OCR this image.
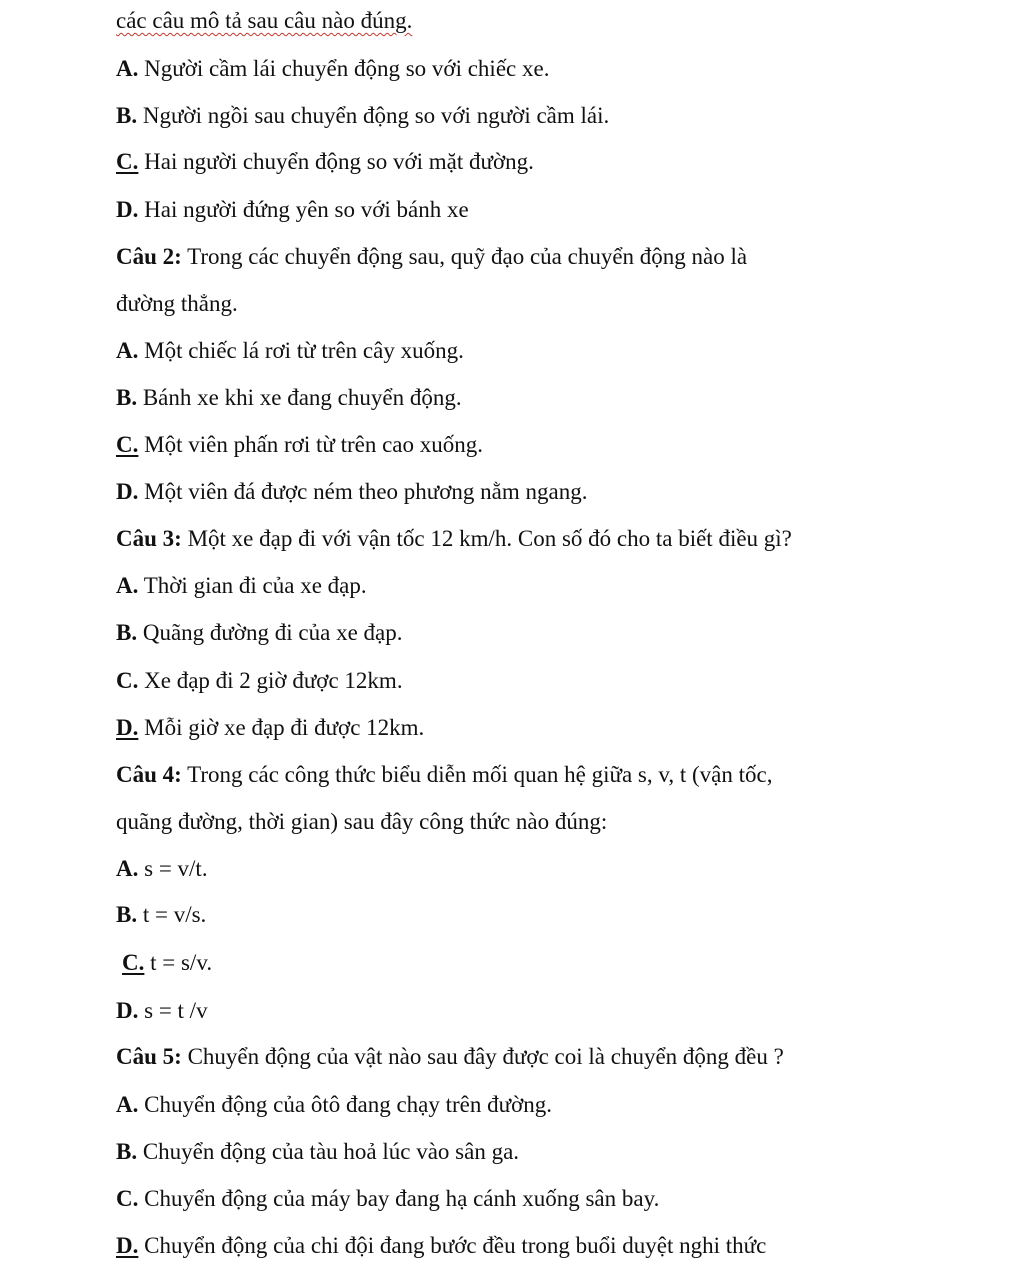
các câu mô tả sau câu nào đúng.
A. Người cầm lái chuyển động so với chiếc xe.
B. Người ngồi sau chuyển động so với người cầm lái.
C. Hai người chuyển động so với mặt đường.
D. Hai người đứng yên so với bánh xe
Câu 2: Trong các chuyển động sau, quỹ đạo của chuyển động nào là
đường thẳng.
A. Một chiếc lá rơi từ trên cây xuống.
B. Bánh xe khi xe đang chuyển động.
C. Một viên phấn rơi từ trên cao xuống.
D. Một viên đá được ném theo phương nằm ngang.
Câu 3: Một xe đạp đi với vận tốc 12 km/h. Con số đó cho ta biết điều gì?
A. Thời gian đi của xe đạp.
B. Quãng đường đi của xe đạp.
C. Xe đạp đi 2 giờ được 12km.
D. Mỗi giờ xe đạp đi được 12km.
Câu 4: Trong các công thức biểu diễn mối quan hệ giữa s, v, t (vận tốc,
quãng đường, thời gian) sau đây công thức nào đúng:
A. s = v/t.
B. t = v/s.
C. t = s/v.
D. s = t /v
Câu 5: Chuyển động của vật nào sau đây được coi là chuyển động đều ?
A. Chuyển động của ôtô đang chạy trên đường.
B. Chuyển động của tàu hoả lúc vào sân ga.
C. Chuyển động của máy bay đang hạ cánh xuống sân bay.
D. Chuyển động của chi đội đang bước đều trong buổi duyệt nghi thức
